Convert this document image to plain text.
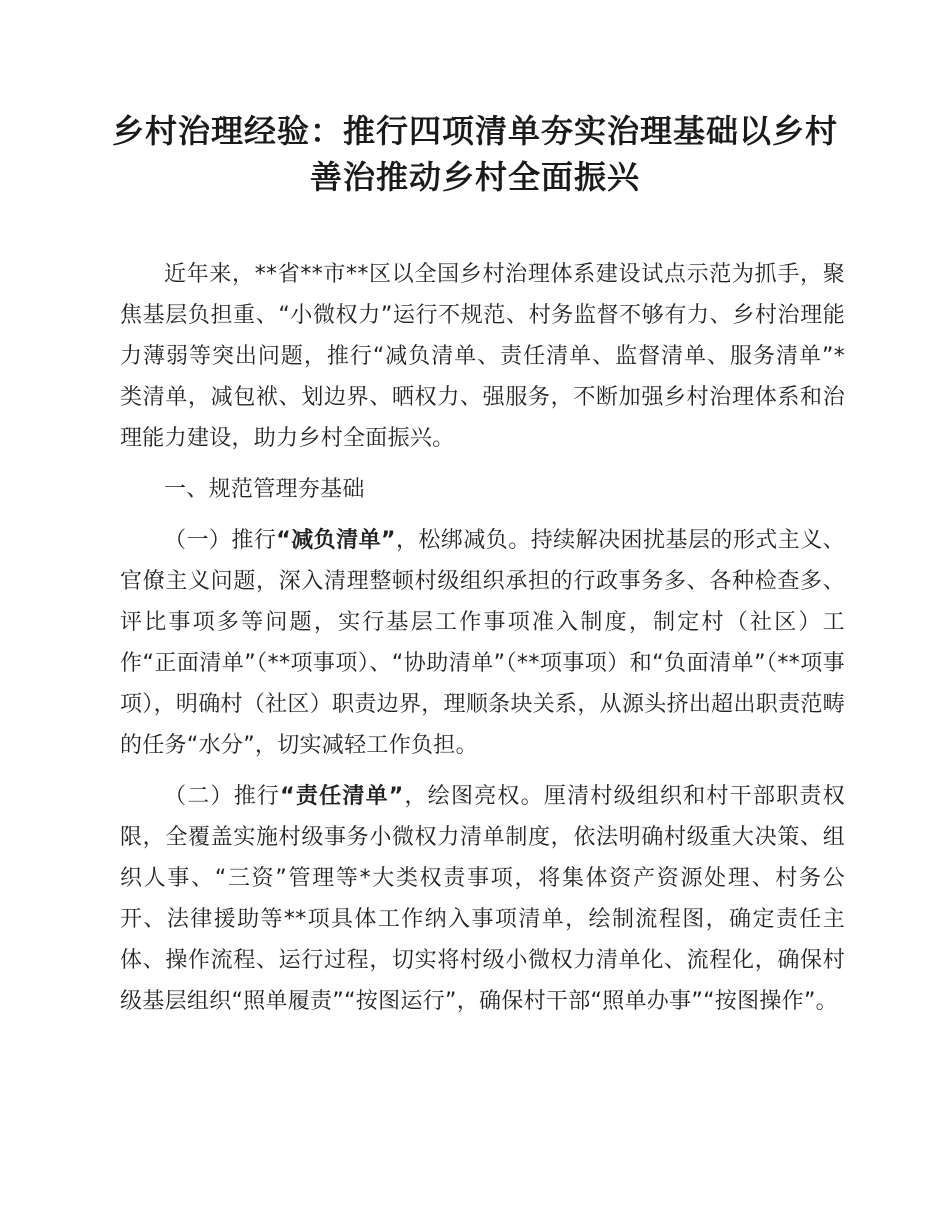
乡村治理经验：推行四项清单夯实治理基础以乡村善治推动乡村全面振兴

近年来，**省**市**区以全国乡村治理体系建设试点示范为抓手，聚焦基层负担重、“小微权力”运行不规范、村务监督不够有力、乡村治理能力薄弱等突出问题，推行“减负清单、责任清单、监督清单、服务清单”*类清单，减包袱、划边界、晒权力、强服务，不断加强乡村治理体系和治理能力建设，助力乡村全面振兴。

一、规范管理夯基础

（一）推行“减负清单”，松绑减负。持续解决困扰基层的形式主义、官僚主义问题，深入清理整顿村级组织承担的行政事务多、各种检查多、评比事项多等问题，实行基层工作事项准入制度，制定村（社区）工作“正面清单”（**项事项）、“协助清单”（**项事项）和“负面清单”（**项事项），明确村（社区）职责边界，理顺条块关系，从源头挤出超出职责范畴的任务“水分”，切实减轻工作负担。

（二）推行“责任清单”，绘图亮权。厘清村级组织和村干部职责权限，全覆盖实施村级事务小微权力清单制度，依法明确村级重大决策、组织人事、“三资”管理等*大类权责事项，将集体资产资源处理、村务公开、法律援助等**项具体工作纳入事项清单，绘制流程图，确定责任主体、操作流程、运行过程，切实将村级小微权力清单化、流程化，确保村级基层组织“照单履责”“按图运行”，确保村干部“照单办事”“按图操作”。
